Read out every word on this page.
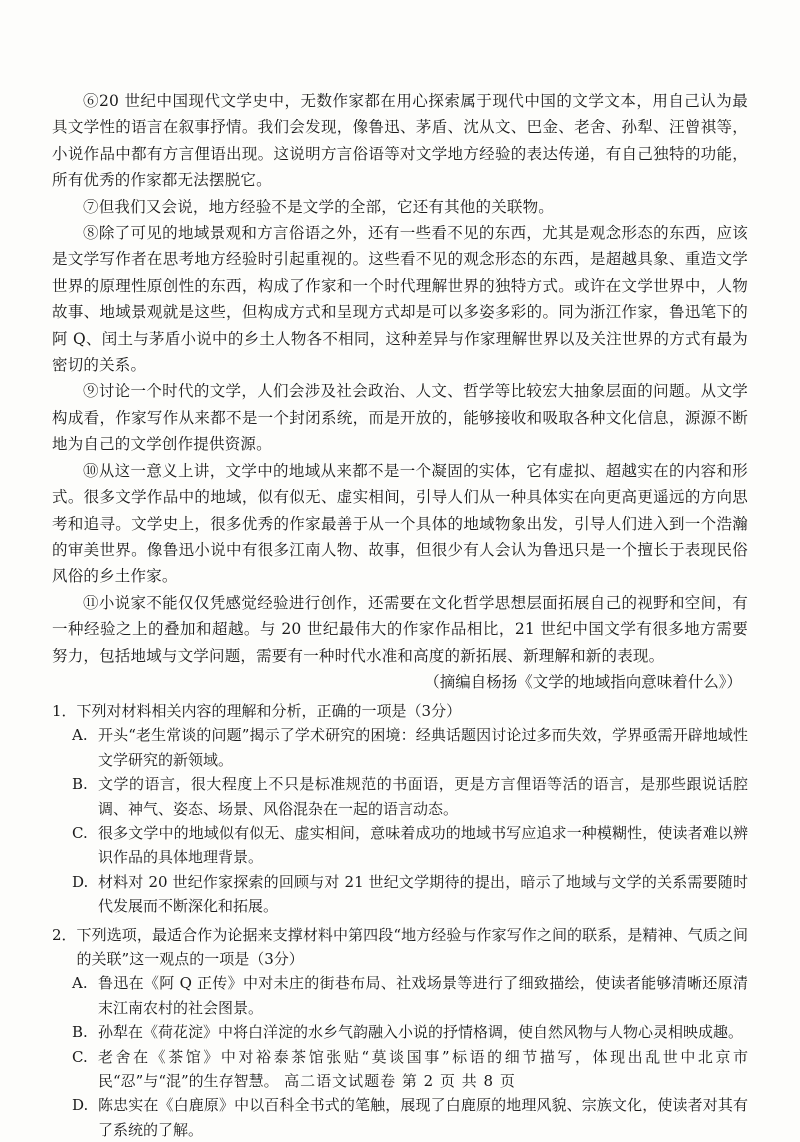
⑥20 世纪中国现代文学史中，无数作家都在用心探索属于现代中国的文学文本，用自己认为最具文学性的语言在叙事抒情。我们会发现，像鲁迅、茅盾、沈从文、巴金、老舍、孙犁、汪曾祺等，小说作品中都有方言俚语出现。这说明方言俗语等对文学地方经验的表达传递，有自己独特的功能，所有优秀的作家都无法摆脱它。

⑦但我们又会说，地方经验不是文学的全部，它还有其他的关联物。

⑧除了可见的地域景观和方言俗语之外，还有一些看不见的东西，尤其是观念形态的东西，应该是文学写作者在思考地方经验时引起重视的。这些看不见的观念形态的东西，是超越具象、重造文学世界的原理性原创性的东西，构成了作家和一个时代理解世界的独特方式。或许在文学世界中，人物故事、地域景观就是这些，但构成方式和呈现方式却是可以多姿多彩的。同为浙江作家，鲁迅笔下的阿 Q、闰土与茅盾小说中的乡土人物各不相同，这种差异与作家理解世界以及关注世界的方式有最为密切的关系。

⑨讨论一个时代的文学，人们会涉及社会政治、人文、哲学等比较宏大抽象层面的问题。从文学构成看，作家写作从来都不是一个封闭系统，而是开放的，能够接收和吸取各种文化信息，源源不断地为自己的文学创作提供资源。

⑩从这一意义上讲，文学中的地域从来都不是一个凝固的实体，它有虚拟、超越实在的内容和形式。很多文学作品中的地域，似有似无、虚实相间，引导人们从一种具体实在向更高更遥远的方向思考和追寻。文学史上，很多优秀的作家最善于从一个具体的地域物象出发，引导人们进入到一个浩瀚的审美世界。像鲁迅小说中有很多江南人物、故事，但很少有人会认为鲁迅只是一个擅长于表现民俗风俗的乡土作家。

⑪小说家不能仅仅凭感觉经验进行创作，还需要在文化哲学思想层面拓展自己的视野和空间，有一种经验之上的叠加和超越。与 20 世纪最伟大的作家作品相比，21 世纪中国文学有很多地方需要努力，包括地域与文学问题，需要有一种时代水准和高度的新拓展、新理解和新的表现。

（摘编自杨扬《文学的地域指向意味着什么》）
1． 下列对材料相关内容的理解和分析，正确的一项是（3分）
A. 开头“老生常谈的问题”揭示了学术研究的困境：经典话题因讨论过多而失效，学界亟需开辟地域性文学研究的新领域。
B. 文学的语言，很大程度上不只是标准规范的书面语，更是方言俚语等活的语言，是那些跟说话腔调、神气、姿态、场景、风俗混杂在一起的语言动态。
C. 很多文学中的地域似有似无、虚实相间，意味着成功的地域书写应追求一种模糊性，使读者难以辨识作品的具体地理背景。
D. 材料对 20 世纪作家探索的回顾与对 21 世纪文学期待的提出，暗示了地域与文学的关系需要随时代发展而不断深化和拓展。
2． 下列选项，最适合作为论据来支撑材料中第四段“地方经验与作家写作之间的联系，是精神、气质之间的关联”这一观点的一项是（3分）
A. 鲁迅在《阿 Q 正传》中对未庄的街巷布局、社戏场景等进行了细致描绘，使读者能够清晰还原清末江南农村的社会图景。
B. 孙犁在《荷花淀》中将白洋淀的水乡气韵融入小说的抒情格调，使自然风物与人物心灵相映成趣。
C. 老舍在《茶馆》中对裕泰茶馆张贴“莫谈国事”标语的细节描写，体现出乱世中北京市民“忍”与“混”的生存智慧。
D. 陈忠实在《白鹿原》中以百科全书式的笔触，展现了白鹿原的地理风貌、宗族文化，使读者对其有了系统的了解。
高二语文试题卷 第 2 页 共 8 页
